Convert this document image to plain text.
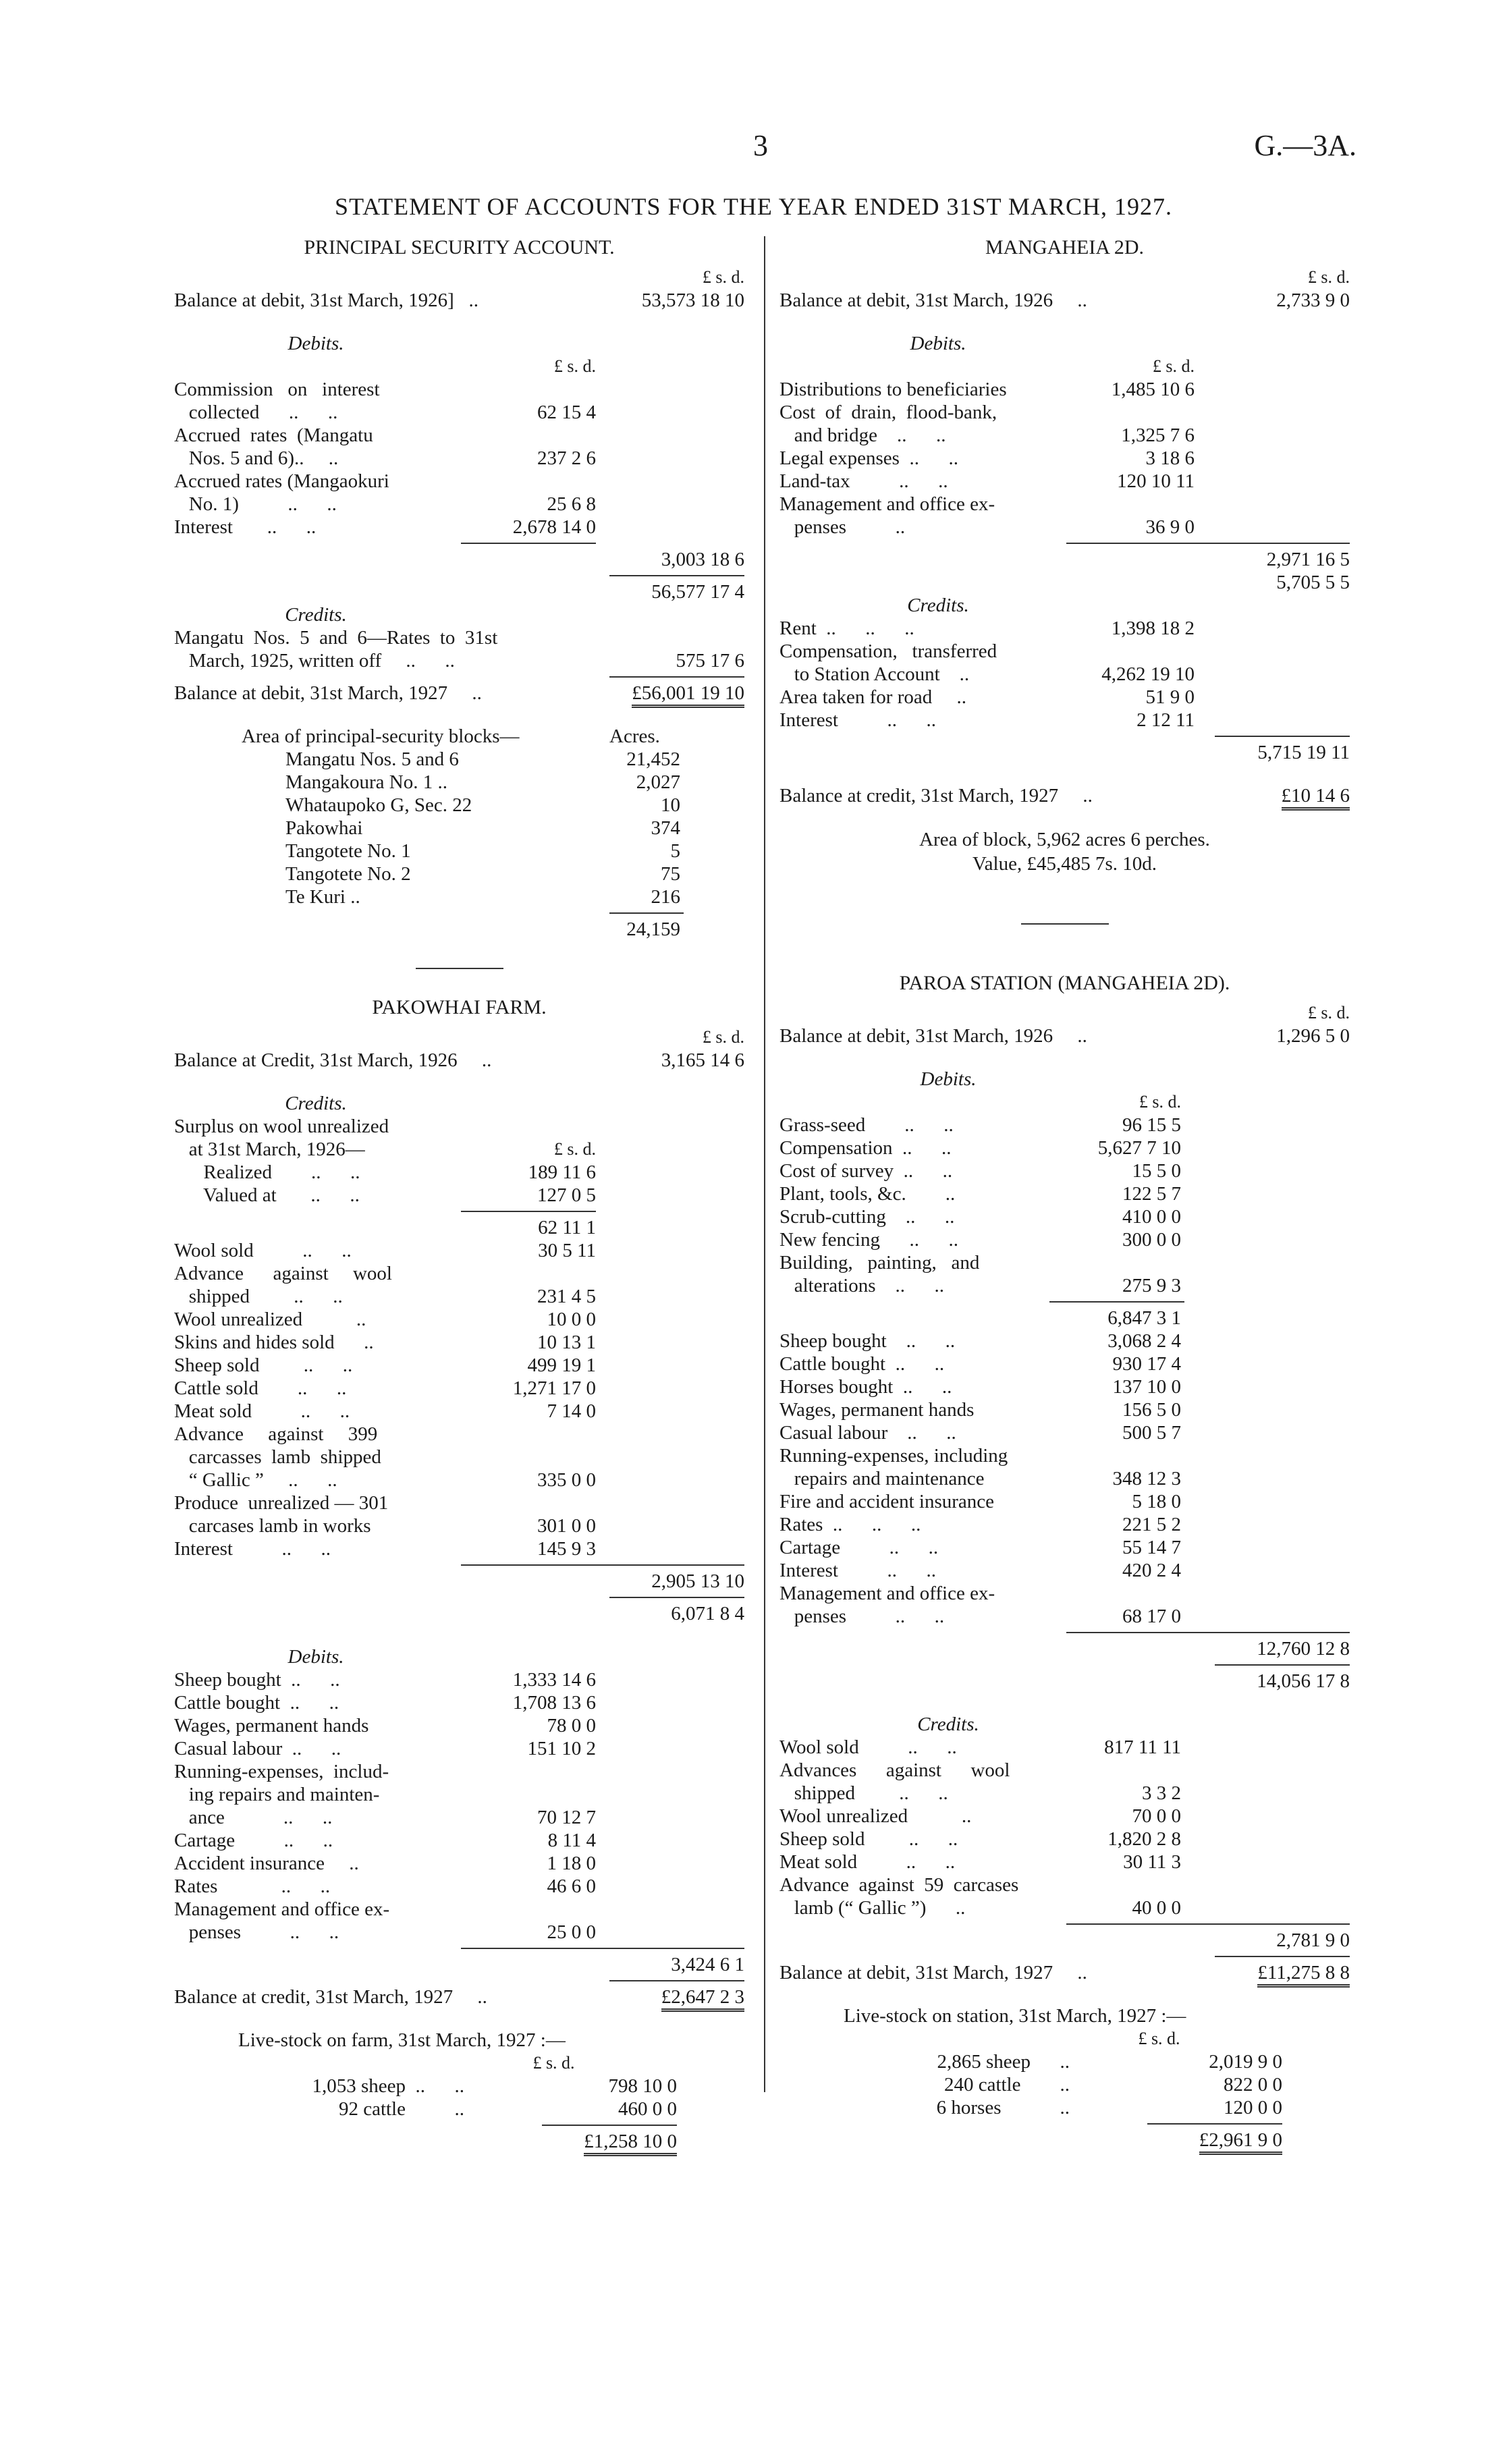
3	G.—3A.
STATEMENT OF ACCOUNTS FOR THE YEAR ENDED 31ST MARCH, 1927.
PRINCIPAL SECURITY ACCOUNT.
£ s. d.
Balance at debit, 31st March, 1926]   ..	53,573 18 10
Debits.
£ s. d.
Commission   on   interest
collected      ..      ..	62 15 4
Accrued  rates  (Mangatu
Nos. 5 and 6)..     ..	237 2 6
Accrued rates (Mangaokuri
No. 1)          ..      ..	25 6 8
Interest       ..      ..	2,678 14 0
3,003 18 6
56,577 17 4
Credits.
Mangatu  Nos.  5  and  6—Rates  to  31st
March, 1925, written off     ..      ..	575 17 6
Balance at debit, 31st March, 1927     ..	£56,001 19 10
Area of principal-security blocks—	Acres.
Mangatu Nos. 5 and 6	21,452
Mangakoura No. 1 ..	2,027
Whataupoko G, Sec. 22	10
Pakowhai	374
Tangotete No. 1	5
Tangotete No. 2	75
Te Kuri ..	216
24,159
PAKOWHAI FARM.
£ s. d.
Balance at Credit, 31st March, 1926     ..	3,165 14 6
Credits.
Surplus on wool unrealized
at 31st March, 1926—	£ s. d.
Realized        ..      ..	189 11 6
Valued at       ..      ..	127 0 5
62 11 1
Wool sold          ..      ..	30 5 11
Advance      against     wool
shipped         ..      ..	231 4 5
Wool unrealized           ..	10 0 0
Skins and hides sold      ..	10 13 1
Sheep sold         ..      ..	499 19 1
Cattle sold        ..      ..	1,271 17 0
Meat sold          ..      ..	7 14 0
Advance     against     399
carcasses  lamb  shipped
“ Gallic ”     ..      ..	335 0 0
Produce  unrealized — 301
carcases lamb in works	301 0 0
Interest          ..      ..	145 9 3
2,905 13 10
6,071 8 4
Debits.
Sheep bought  ..      ..	1,333 14 6
Cattle bought  ..      ..	1,708 13 6
Wages, permanent hands	78 0 0
Casual labour  ..      ..	151 10 2
Running-expenses,  includ-
ing repairs and mainten-
ance            ..      ..	70 12 7
Cartage          ..      ..	8 11 4
Accident insurance     ..	1 18 0
Rates             ..      ..	46 6 0
Management and office ex-
penses          ..      ..	25 0 0
3,424 6 1
Balance at credit, 31st March, 1927     ..	£2,647 2 3
Live-stock on farm, 31st March, 1927 :—
£ s. d.
1,053 sheep  ..      ..	798 10 0
92 cattle          ..	460 0 0
£1,258 10 0
MANGAHEIA 2D.
£ s. d.
Balance at debit, 31st March, 1926     ..	2,733 9 0
Debits.
£ s. d.
Distributions to beneficiaries	1,485 10 6
Cost  of  drain,  flood-bank,
and bridge    ..      ..	1,325 7 6
Legal expenses  ..      ..	3 18 6
Land-tax          ..      ..	120 10 11
Management and office ex-
penses          ..	36 9 0
2,971 16 5
5,705 5 5
Credits.
Rent  ..      ..      ..	1,398 18 2
Compensation,   transferred
to Station Account    ..	4,262 19 10
Area taken for road     ..	51 9 0
Interest          ..      ..	2 12 11
5,715 19 11
Balance at credit, 31st March, 1927     ..	£10 14 6
Area of block, 5,962 acres 6 perches.
Value, £45,485 7s. 10d.
PAROA STATION (MANGAHEIA 2D).
£ s. d.
Balance at debit, 31st March, 1926     ..	1,296 5 0
Debits.
£ s. d.
Grass-seed        ..      ..	96 15 5
Compensation  ..      ..	5,627 7 10
Cost of survey  ..      ..	15 5 0
Plant, tools, &c.        ..	122 5 7
Scrub-cutting    ..      ..	410 0 0
New fencing      ..      ..	300 0 0
Building,   painting,   and
alterations    ..      ..	275 9 3
6,847 3 1
Sheep bought    ..      ..	3,068 2 4
Cattle bought  ..      ..	930 17 4
Horses bought  ..      ..	137 10 0
Wages, permanent hands	156 5 0
Casual labour    ..      ..	500 5 7
Running-expenses, including
repairs and maintenance	348 12 3
Fire and accident insurance	5 18 0
Rates  ..      ..      ..	221 5 2
Cartage          ..      ..	55 14 7
Interest          ..      ..	420 2 4
Management and office ex-
penses          ..      ..	68 17 0
12,760 12 8
14,056 17 8
Credits.
Wool sold          ..      ..	817 11 11
Advances      against      wool
shipped         ..      ..	3 3 2
Wool unrealized           ..	70 0 0
Sheep sold         ..      ..	1,820 2 8
Meat sold          ..      ..	30 11 3
Advance  against  59  carcases
lamb (“ Gallic ”)      ..	40 0 0
2,781 9 0
Balance at debit, 31st March, 1927     ..	£11,275 8 8
Live-stock on station, 31st March, 1927 :—
£ s. d.
2,865 sheep      ..	2,019 9 0
240 cattle        ..	822 0 0
6 horses            ..	120 0 0
£2,961 9 0
